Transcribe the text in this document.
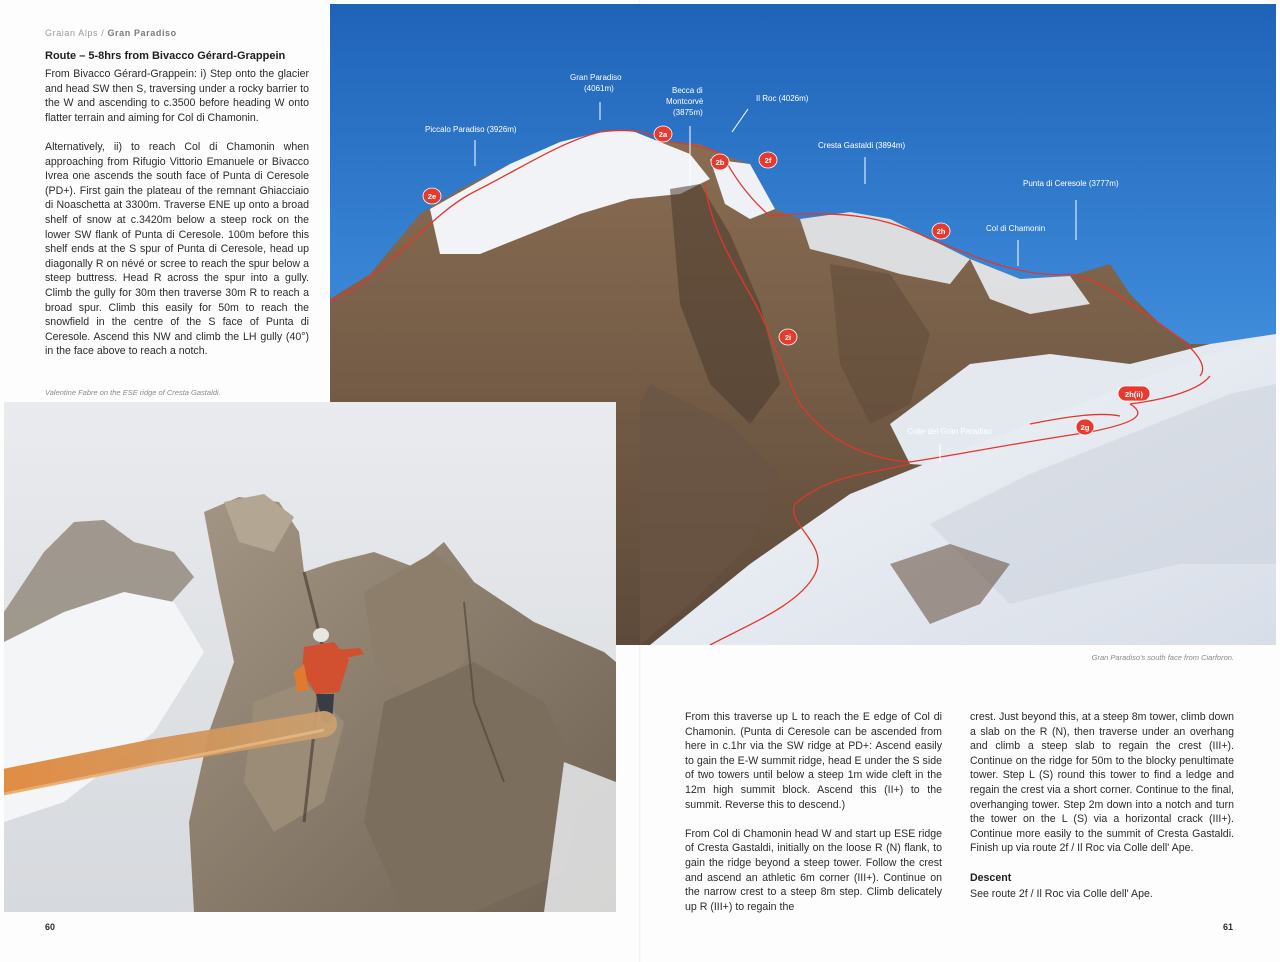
Graian Alps / Gran Paradiso
Route – 5-8hrs from Bivacco Gérard-Grappein

From Bivacco Gérard-Grappein: i) Step onto the glacier and head SW then S, traversing under a rocky barrier to the W and ascending to c.3500 before heading W onto flatter terrain and aiming for Col di Chamonin.

Alternatively, ii) to reach Col di Chamonin when approaching from Rifugio Vittorio Emanuele or Bivacco Ivrea one ascends the south face of Punta di Ceresole (PD+). First gain the plateau of the remnant Ghiacciaio di Noaschetta at 3300m. Traverse ENE up onto a broad shelf of snow at c.3420m below a steep rock on the lower SW flank of Punta di Ceresole. 100m before this shelf ends at the S spur of Punta di Ceresole, head up diagonally R on névé or scree to reach the spur below a steep buttress. Head R across the spur into a gully. Climb the gully for 30m then traverse 30m R to reach a broad spur. Climb this easily for 50m to reach the snowfield in the centre of the S face of Punta di Ceresole. Ascend this NW and climb the LH gully (40°) in the face above to reach a notch.

Valentine Fabre on the ESE ridge of Cresta Gastaldi.
Gran Paradiso
(4061m)	Becca di
Montcorvè
(3875m)
Il Roc (4026m)
Piccalo Paradiso (3926m)
Cresta Gastaldi (3894m)
Punta di Ceresole (3777m)
Col di Chamonin
Colle del Gran Paradiso
2e
2a
2b	2f
2h
2i
2h(ii)
2g
Gran Paradiso's south face from Ciarforon.

From this traverse up L to reach the E edge of Col di Chamonin. (Punta di Ceresole can be ascended from here in c.1hr via the SW ridge at PD+: Ascend easily to gain the E-W summit ridge, head E under the S side of two towers until below a steep 1m wide cleft in the 12m high summit block. Ascend this (II+) to the summit. Reverse this to descend.)

From Col di Chamonin head W and start up ESE ridge of Cresta Gastaldi, initially on the loose R (N) flank, to gain the ridge beyond a steep tower. Follow the crest and ascend an athletic 6m corner (III+). Continue on the narrow crest to a steep 8m step. Climb delicately up R (III+) to regain the

crest. Just beyond this, at a steep 8m tower, climb down a slab on the R (N), then traverse under an overhang and climb a steep slab to regain the crest (III+). Continue on the ridge for 50m to the blocky penultimate tower. Step L (S) round this tower to find a ledge and regain the crest via a short corner. Continue to the final, overhanging tower. Step 2m down into a notch and turn the tower on the L (S) via a horizontal crack (III+). Continue more easily to the summit of Cresta Gastaldi. Finish up via route 2f / Il Roc via Colle dell' Ape.

Descent

See route 2f / Il Roc via Colle dell' Ape.

60	61
